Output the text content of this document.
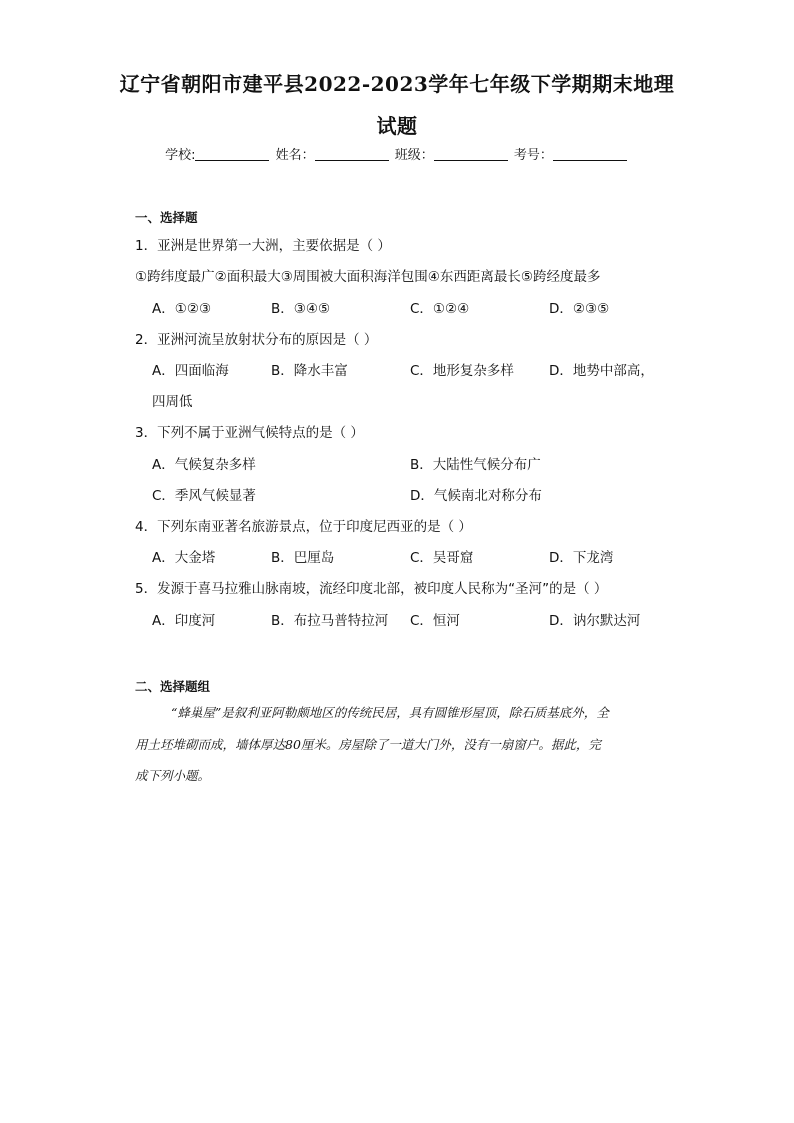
辽宁省朝阳市建平县2022-2023学年七年级下学期期末地理
试题
学校:	姓名：	班级：	考号：
一、选择题
1．亚洲是世界第一大洲，主要依据是（ ）
①跨纬度最广②面积最大③周围被大面积海洋包围④东西距离最长⑤跨经度最多
A．①②③	B．③④⑤	C．①②④	D．②③⑤
2．亚洲河流呈放射状分布的原因是（ ）
A．四面临海	B．降水丰富	C．地形复杂多样	D．地势中部高，
四周低
3．下列不属于亚洲气候特点的是（ ）
A．气候复杂多样	B．大陆性气候分布广
C．季风气候显著	D．气候南北对称分布
4．下列东南亚著名旅游景点，位于印度尼西亚的是（ ）
A．大金塔	B．巴厘岛	C．吴哥窟	D．下龙湾
5．发源于喜马拉雅山脉南坡，流经印度北部，被印度人民称为“圣河”的是（ ）
A．印度河	B．布拉马普特拉河 C．恒河	D．讷尔默达河
二、选择题组
“蜂巢屋”是叙利亚阿勒颇地区的传统民居，具有圆锥形屋顶，除石质基底外，全
用土坯堆砌而成，墙体厚达80厘米。房屋除了一道大门外，没有一扇窗户。据此，完
成下列小题。
